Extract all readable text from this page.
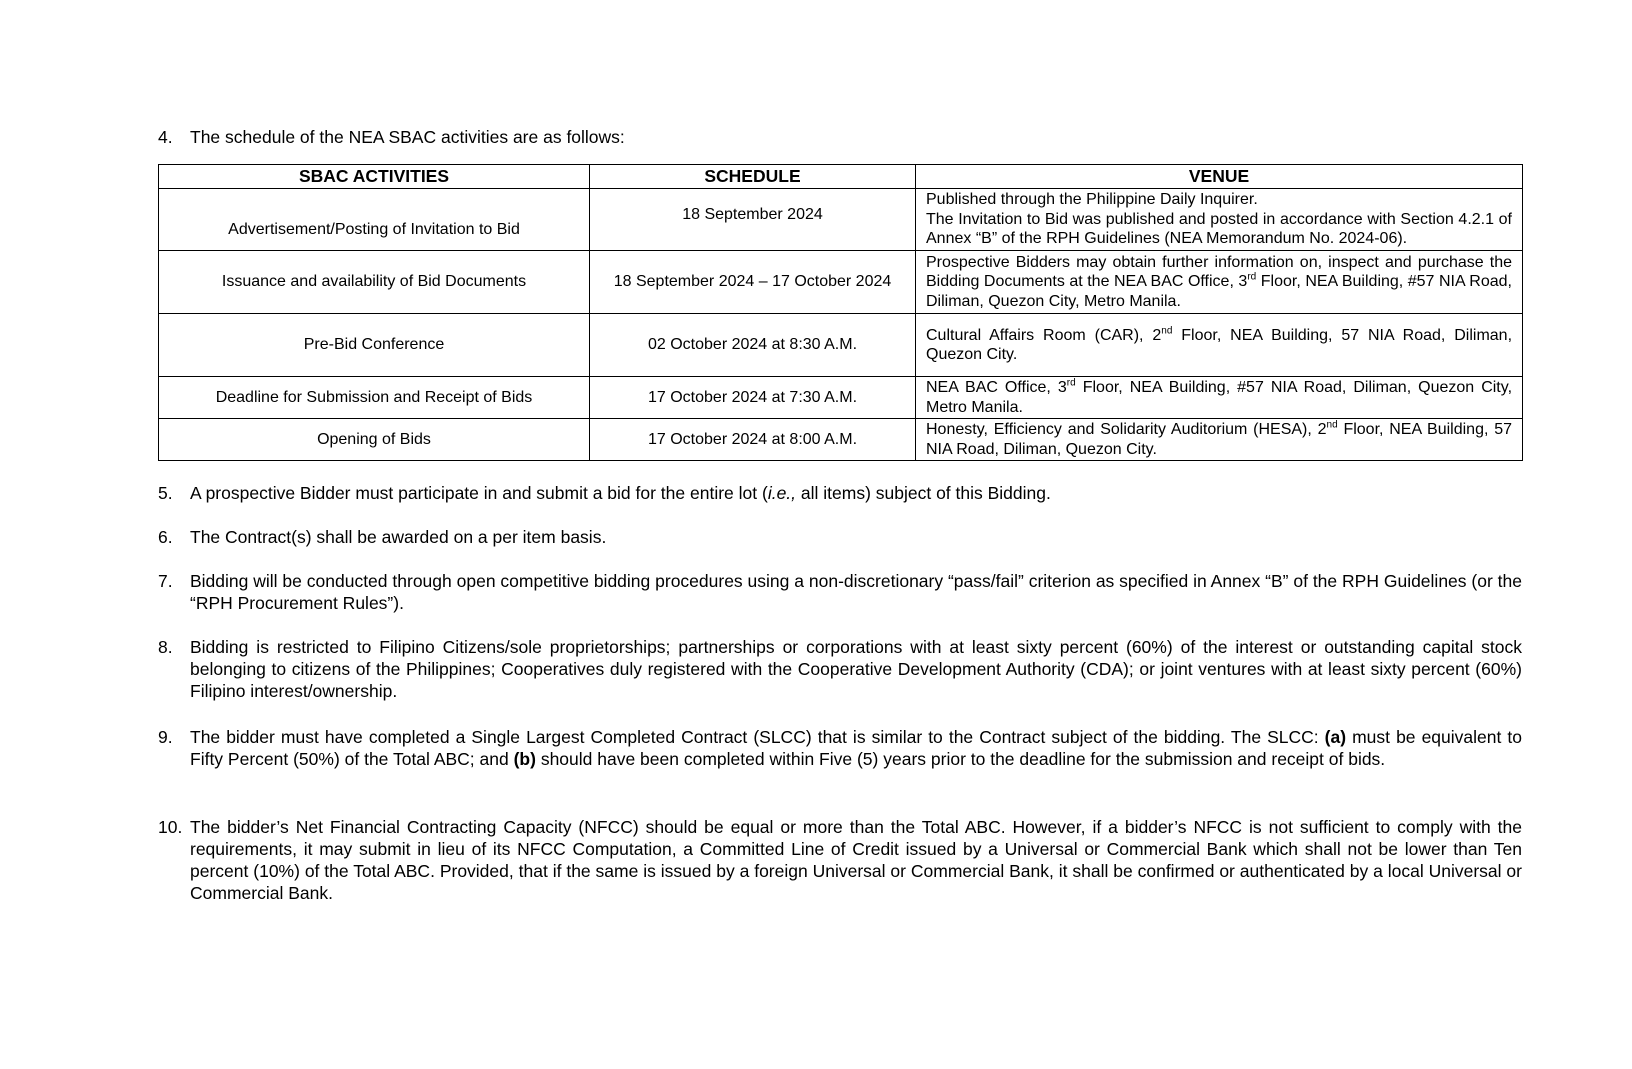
4. The schedule of the NEA SBAC activities are as follows:
SBAC ACTIVITIES	SCHEDULE	VENUE
Advertisement/Posting of Invitation to Bid	18 September 2024	Published through the Philippine Daily Inquirer.
The Invitation to Bid was published and posted in accordance with Section 4.2.1 of Annex “B” of the RPH Guidelines (NEA Memorandum No. 2024-06).

Issuance and availability of Bid Documents	18 September 2024 – 17 October 2024	Prospective Bidders may obtain further information on, inspect and purchase the Bidding Documents at the NEA BAC Office, 3rd Floor, NEA Building, #57 NIA Road, Diliman, Quezon City, Metro Manila.
Pre-Bid Conference	02 October 2024 at 8:30 A.M.	Cultural Affairs Room (CAR), 2nd Floor, NEA Building, 57 NIA Road, Diliman, Quezon City.
Deadline for Submission and Receipt of Bids	17 October 2024 at 7:30 A.M.	NEA BAC Office, 3rd Floor, NEA Building, #57 NIA Road, Diliman, Quezon City, Metro Manila.
Opening of Bids	17 October 2024 at 8:00 A.M.	Honesty, Efficiency and Solidarity Auditorium (HESA), 2nd Floor, NEA Building, 57 NIA Road, Diliman, Quezon City.
5. A prospective Bidder must participate in and submit a bid for the entire lot (i.e., all items) subject of this Bidding.
6. The Contract(s) shall be awarded on a per item basis.
7. Bidding will be conducted through open competitive bidding procedures using a non-discretionary “pass/fail” criterion as specified in Annex “B” of the RPH Guidelines (or the “RPH Procurement Rules”).
8. Bidding is restricted to Filipino Citizens/sole proprietorships; partnerships or corporations with at least sixty percent (60%) of the interest or outstanding capital stock belonging to citizens of the Philippines; Cooperatives duly registered with the Cooperative Development Authority (CDA); or joint ventures with at least sixty percent (60%) Filipino interest/ownership.
9. The bidder must have completed a Single Largest Completed Contract (SLCC) that is similar to the Contract subject of the bidding. The SLCC: (a) must be equivalent to Fifty Percent (50%) of the Total ABC; and (b) should have been completed within Five (5) years prior to the deadline for the submission and receipt of bids.
10. The bidder’s Net Financial Contracting Capacity (NFCC) should be equal or more than the Total ABC. However, if a bidder’s NFCC is not sufficient to comply with the requirements, it may submit in lieu of its NFCC Computation, a Committed Line of Credit issued by a Universal or Commercial Bank which shall not be lower than Ten percent (10%) of the Total ABC. Provided, that if the same is issued by a foreign Universal or Commercial Bank, it shall be confirmed or authenticated by a local Universal or Commercial Bank.
